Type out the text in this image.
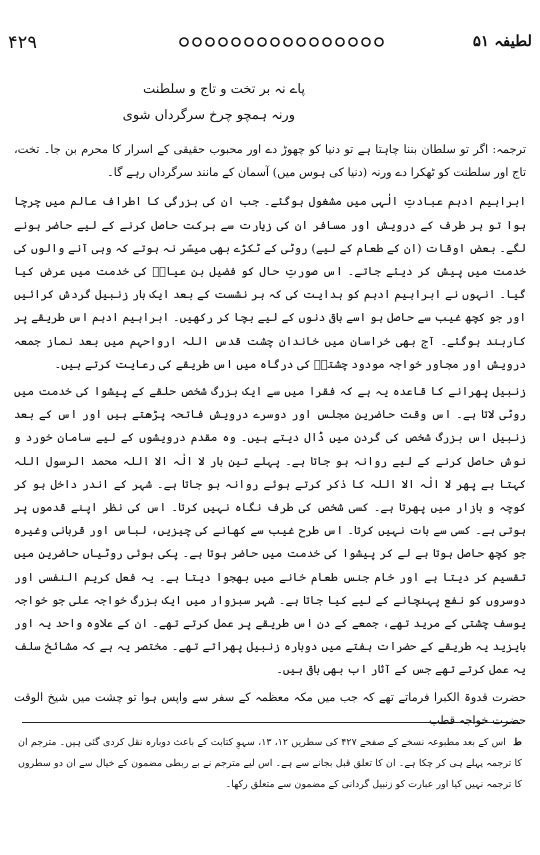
۴۲۹	لطیفہ ۵۱
پاے نہ بر تخت و تاج و سلطنت
ورنہ ہمچو چرخ سرگرداں شوی

ترجمہ: اگر تو سلطان بننا چاہتا ہے تو دنیا کو چھوڑ دے اور محبوب حقیقی کے اسرار کا محرم بن جا۔ تخت، تاج اور سلطنت کو ٹھکرا دے ورنہ (دنیا کی ہوس میں) آسمان کے مانند سرگرداں رہے گا۔

ابراہیم ادہم عبادتِ الٰہی میں مشغول ہوگئے۔ جب ان کی بزرگی کا اطراف عالم میں چرچا ہوا تو ہر طرف کے درویش اور مسافر ان کی زیارت سے برکت حاصل کرنے کے لیے حاضر ہونے لگے۔ بعض اوقات (ان کے طعام کے لیے) روٹی کے ٹکڑے بھی میسّر نہ ہوتے کہ وہی آنے والوں کی خدمت میں پیش کر دیئے جاتے۔ اس صورتِ حال کو فضیل بن عیاضؒ کی خدمت میں عرض کیا گیا۔ انہوں نے ابراہیم ادہم کو ہدایت کی کہ ہر نشست کے بعد ایک بار زنبیل گردش کرائیں اور جو کچھ غیب سے حاصل ہو اسے باقی دنوں کے لیے بچا کر رکھیں۔ ابراہیم ادہم اس طریقے پر کاربند ہوگئے۔ آج بھی خراسان میں خاندان چشت قدس اللہ ارواحہم میں بعد نماز جمعہ درویش اور مجاور خواجہ مودود چشتیؒ کی درگاہ میں اس طریقے کی رعایت کرتے ہیں۔

زنبیل پھرانے کا قاعدہ یہ ہے کہ فقرا میں سے ایک بزرگ شخص حلقے کے پیشوا کی خدمت میں روٹی لاتا ہے۔ اس وقت حاضرینِ مجلس اور دوسرے درویش فاتحہ پڑھتے ہیں اور اس کے بعد زنبیل اس بزرگ شخص کی گردن میں ڈال دیتے ہیں۔ وہ مقدم درویشوں کے لیے سامانِ خورد و نوش حاصل کرنے کے لیے روانہ ہو جاتا ہے۔ پہلے تین بار لا الٰہ الا اللہ محمد الرسول اللہ کہتا ہے پھر لا الٰہ الا اللہ کا ذکر کرتے ہوئے روانہ ہو جاتا ہے۔ شہر کے اندر داخل ہو کر کوچہ و بازار میں پھرتا ہے۔ کسی شخص کی طرف نگاہ نہیں کرتا۔ اس کی نظر اپنے قدموں پر ہوتی ہے۔ کسی سے بات نہیں کرتا۔ اس طرح غیب سے کھانے کی چیزیں، لباس اور قربانی وغیرہ جو کچھ حاصل ہوتا ہے لے کر پیشوا کی خدمت میں حاضر ہوتا ہے۔ پکی ہوئی روٹیاں حاضرین میں تقسیم کر دیتا ہے اور خام جنس طعام خانے میں بھجوا دیتا ہے۔ یہ فعل کریم النفسی اور دوسروں کو نفع پہنچانے کے لیے کیا جاتا ہے۔ شہر سبزوار میں ایک بزرگ خواجہ علی جو خواجہ یوسف چشتی کے مرید تھے، جمعے کے دن اس طریقے پر عمل کرتے تھے۔ ان کے علاوہ واحد یہ اور بایزید یہ طریقے کے حضرات ہفتے میں دوبارہ زنبیل پھراتے تھے۔ مختصر یہ ہے کہ مشائخ سلف یہ عمل کرتے تھے جس کے آثار اب بھی باقی ہیں۔

حضرت قدوۃ الکبرا فرماتے تھے کہ جب میں مکہ معظمہ کے سفر سے واپس ہوا تو چشت میں شیخ الوقت حضرت خواجہ قطب

ط اس کے بعد مطبوعہ نسخے کے صفحے ۴۲۷ کی سطریں ۱۲، ۱۳، سہوِ کتابت کے باعث دوبارہ نقل کردی گئی ہیں۔ مترجم ان کا ترجمہ پہلے ہی کر چکا ہے۔ ان کا تعلق قبل بجانے سے ہے۔ اس لیے مترجم نے بے ربطی مضمون کے خیال سے ان دو سطروں کا ترجمہ نہیں کیا اور عبارت کو زنبیل گردانی کے مضمون سے متعلق رکھا۔
